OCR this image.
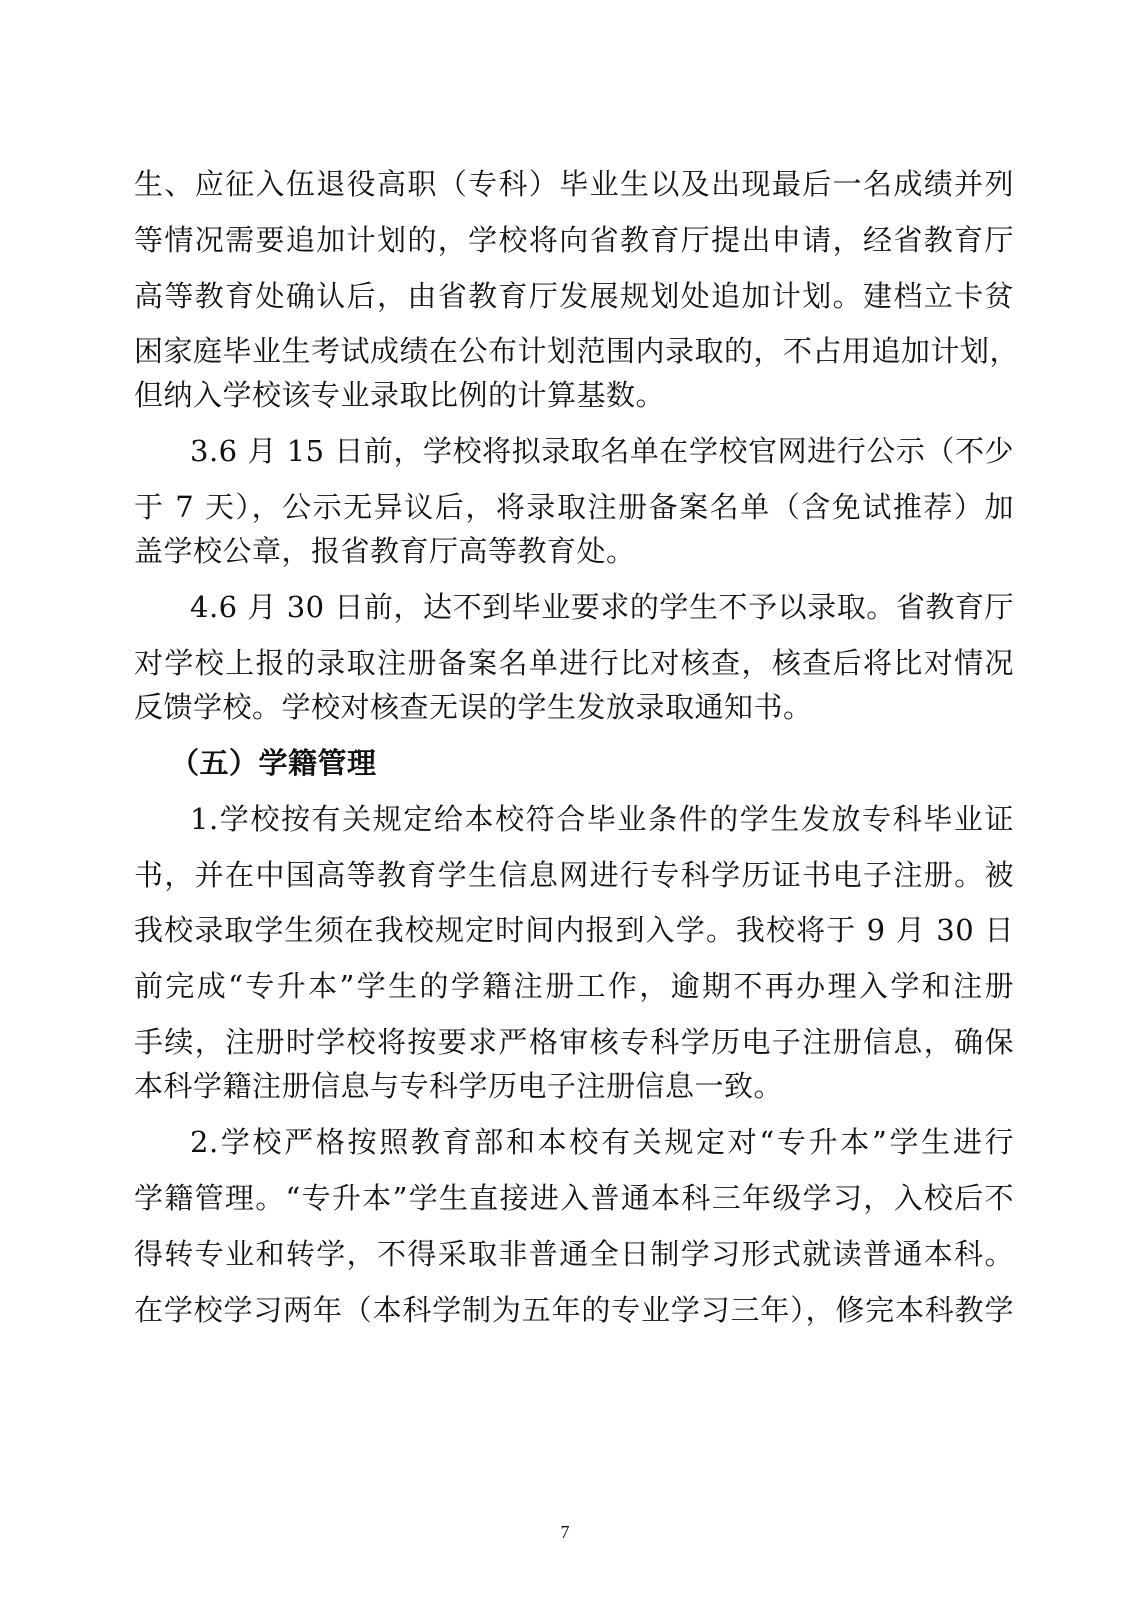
生、应征入伍退役高职（专科）毕业生以及出现最后一名成绩并列
等情况需要追加计划的，学校将向省教育厅提出申请，经省教育厅
高等教育处确认后，由省教育厅发展规划处追加计划。建档立卡贫
困家庭毕业生考试成绩在公布计划范围内录取的，不占用追加计划，
但纳入学校该专业录取比例的计算基数。
3.6 月 15 日前，学校将拟录取名单在学校官网进行公示（不少
于 7 天），公示无异议后，将录取注册备案名单（含免试推荐）加
盖学校公章，报省教育厅高等教育处。
4.6 月 30 日前，达不到毕业要求的学生不予以录取。省教育厅
对学校上报的录取注册备案名单进行比对核查，核查后将比对情况
反馈学校。学校对核查无误的学生发放录取通知书。
（五）学籍管理
1.学校按有关规定给本校符合毕业条件的学生发放专科毕业证
书，并在中国高等教育学生信息网进行专科学历证书电子注册。被
我校录取学生须在我校规定时间内报到入学。我校将于 9 月 30 日
前完成“专升本”学生的学籍注册工作，逾期不再办理入学和注册
手续，注册时学校将按要求严格审核专科学历电子注册信息，确保
本科学籍注册信息与专科学历电子注册信息一致。
2.学校严格按照教育部和本校有关规定对“专升本”学生进行
学籍管理。“专升本”学生直接进入普通本科三年级学习，入校后不
得转专业和转学，不得采取非普通全日制学习形式就读普通本科。
在学校学习两年（本科学制为五年的专业学习三年），修完本科教学
7
